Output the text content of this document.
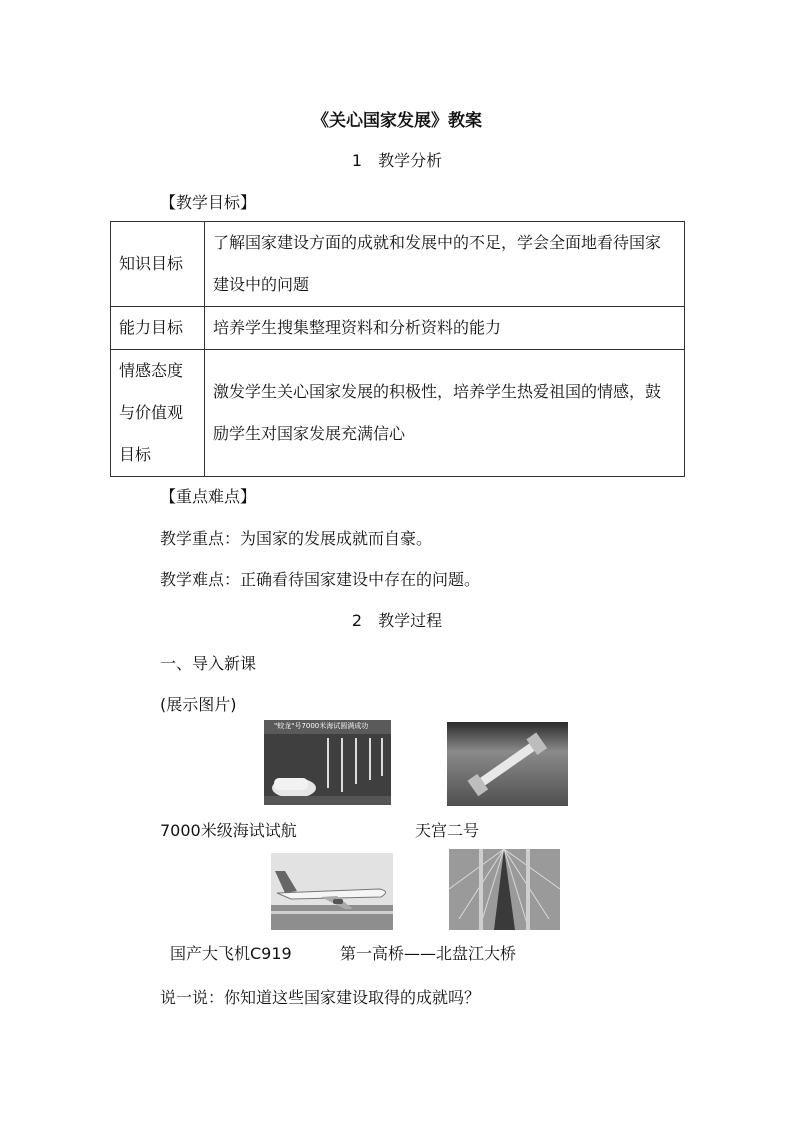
《关心国家发展》教案
1　教学分析
【教学目标】
知识目标	了解国家建设方面的成就和发展中的不足，学会全面地看待国家建设中的问题
能力目标	培养学生搜集整理资料和分析资料的能力
情感态度与价值观目标	激发学生关心国家发展的积极性，培养学生热爱祖国的情感，鼓励学生对国家发展充满信心
【重点难点】
教学重点：为国家的发展成就而自豪。
教学难点：正确看待国家建设中存在的问题。
2　教学过程
一、导入新课
(展示图片)
"蛟龙"号7000米海试圆满成功
7000米级海试试航	天宫二号
国产大飞机C919	第一高桥——北盘江大桥
说一说：你知道这些国家建设取得的成就吗？
